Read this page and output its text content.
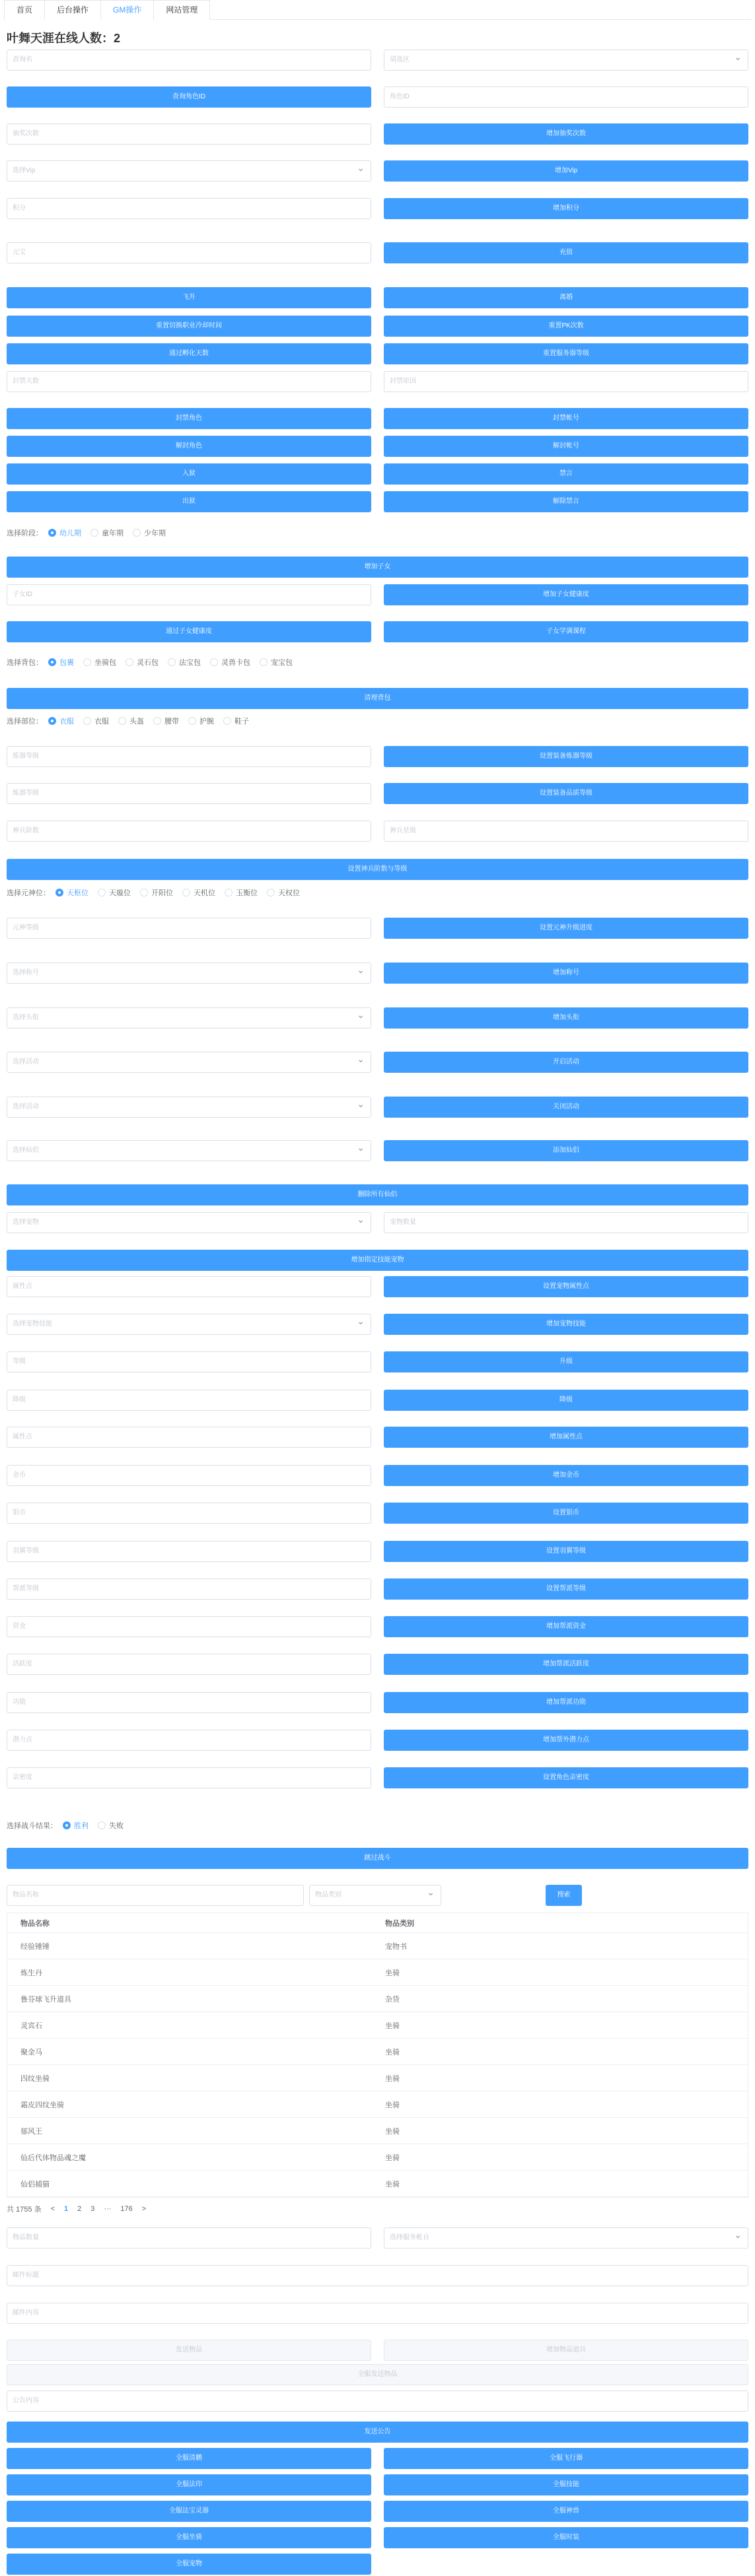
首页	后台操作	GM操作	网站管理
叶舞天涯在线人数：2
查询名	请选区 ⌄
查询角色ID	角色ID
抽奖次数	增加抽奖次数
选择Vip ⌄	增加Vip
积分	增加积分
元宝	充值
飞升	离婚
重置切换职业冷却时间	重置PK次数
通过孵化天数	重置服务器等级
封禁天数	封禁原因
封禁角色	封禁帐号
解封角色	解封帐号
入狱	禁言
出狱	解除禁言
选择阶段： 幼儿期	童年期	少年期
增加子女
子女ID	增加子女健康度
通过子女健康度	子女学满课程
选择背包： 包裹	坐骑包	灵石包	法宝包	灵兽卡包	宠宝包
清理背包
选择部位： 衣服	衣服	头盔	腰带	护腕	鞋子
炼器等级	设置装备炼器等级
炼器等级	设置装备品质等级
神兵阶数	神兵星级
设置神兵阶数与等级
选择元神位： 天枢位	天璇位	开阳位	天机位	玉衡位	天权位
元神等级	设置元神升级进度
选择称号 ⌄	增加称号
选择头衔 ⌄	增加头衔
选择活动 ⌄	开启活动
选择活动 ⌄	关闭活动
选择仙侣 ⌄	添加仙侣
删除所有仙侣
选择宠物 ⌄	宠物数量
增加指定技能宠物
属性点	设置宠物属性点
选择宠物技能 ⌄	增加宠物技能
等级	升级
降级	降级
属性点	增加属性点
金币	增加金币
银币	设置银币
羽翼等级	设置羽翼等级
帮派等级	设置帮派等级
资金	增加帮派资金
活跃度	增加帮派活跃度
功勋	增加帮派功勋
潜力点	增加帮外潜力点
亲密度	设置角色亲密度
选择战斗结果： 胜利	失败
跳过战斗
物品名称	物品类别 ⌄	搜索
物品名称	物品类别
经验锤锤	宠物书
炼生丹	坐骑
鲁芬球飞升道具	杂货
灵宾石	坐骑
聚金马	坐骑
四纹坐骑	坐骑
霜皮四纹坐骑	坐骑
郁风王	坐骑
仙后代体物品魂之魔	坐骑
仙侣捕猫	坐骑
共 1755 条 < 1 2 3 ··· 176 >
物品数量	选择服务帐自 ⌄
邮件标题
邮件内容
发送物品	增加物品道具
全服发送物品
公告内容
发送公告
全服清鹏	全服飞行器
全服法印	全服技能
全服法宝灵器	全服神兽
全服坐骑	全服时装
全服宠物
